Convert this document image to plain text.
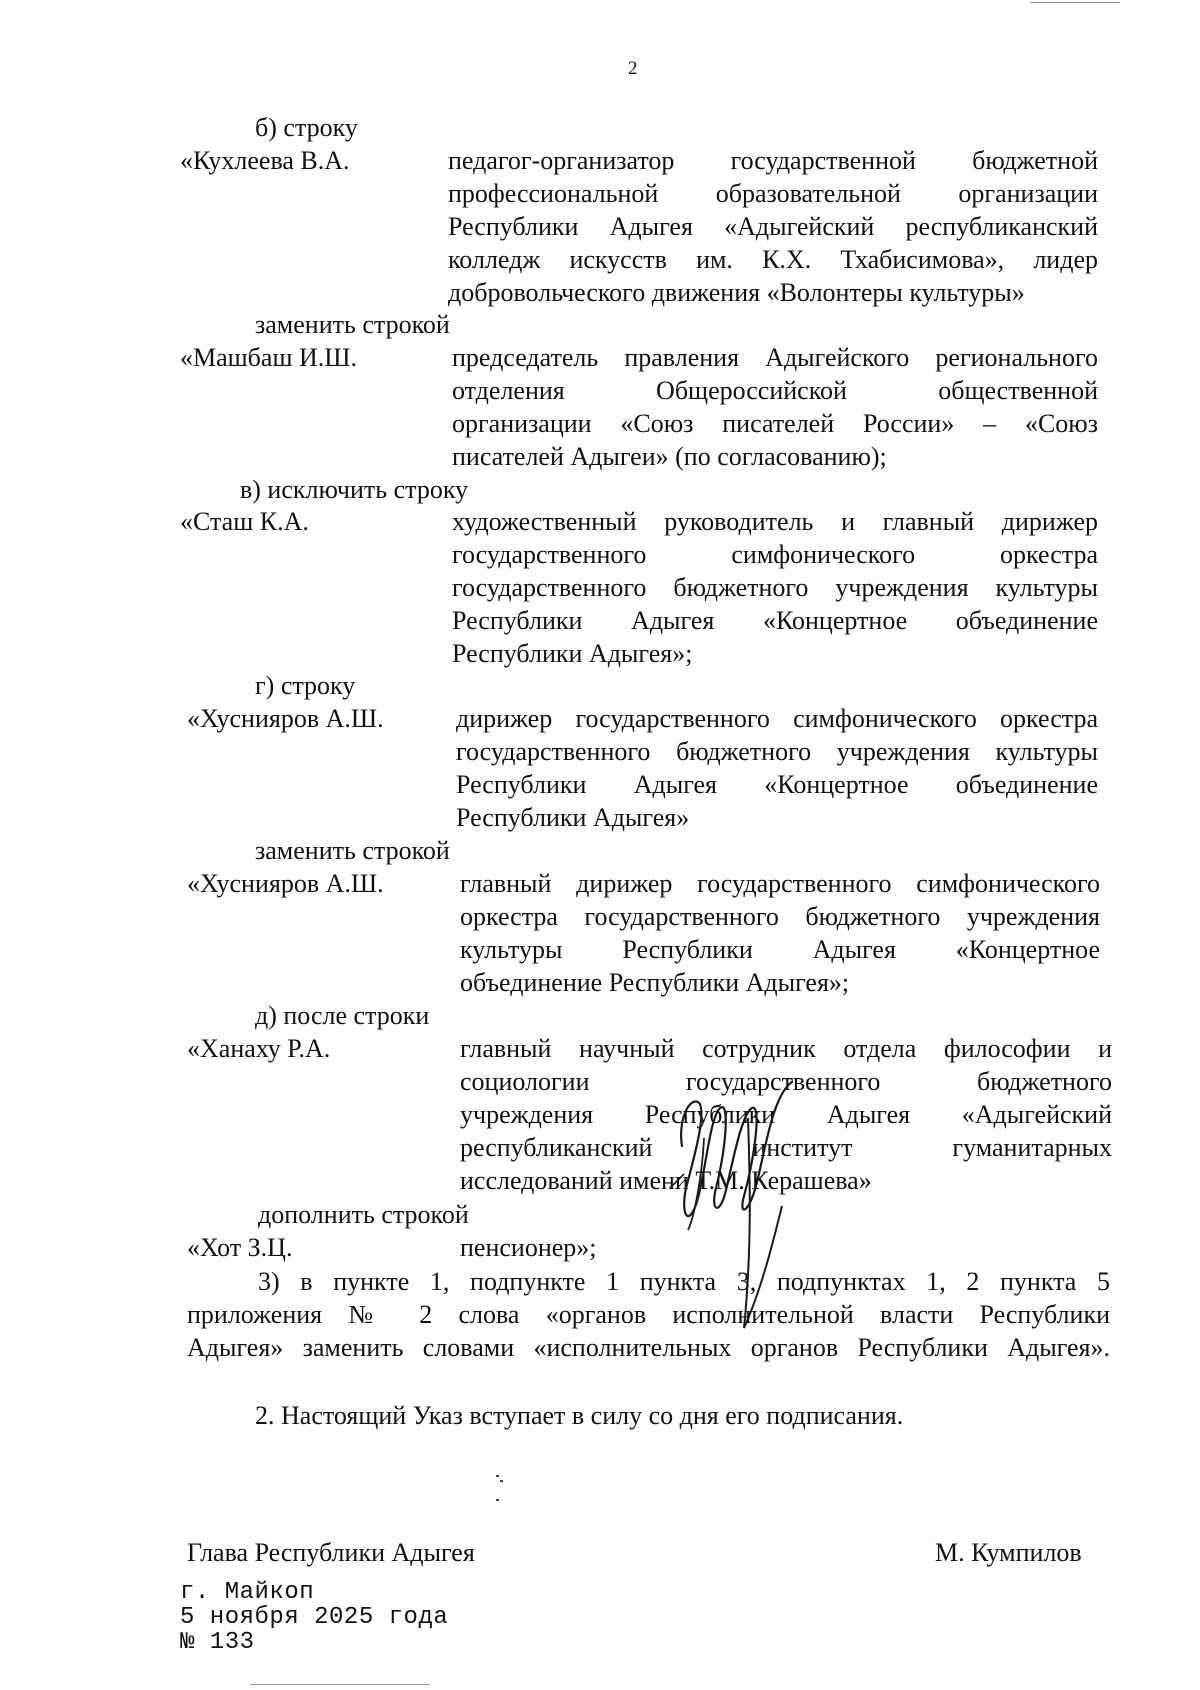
2
б) строку
«Кухлеева В.А.	педагог-организатор государственной бюджетной
профессиональной образовательной организации
Республики Адыгея «Адыгейский республиканский
колледж искусств им. К.Х. Тхабисимова», лидер
добровольческого движения «Волонтеры культуры»
заменить строкой
«Машбаш И.Ш.	председатель правления Адыгейского регионального
отделения Общероссийской общественной
организации «Союз писателей России» – «Союз
писателей Адыгеи» (по согласованию);
в) исключить строку
«Сташ К.А.	художественный руководитель и главный дирижер
государственного симфонического оркестра
государственного бюджетного учреждения культуры
Республики Адыгея «Концертное объединение
Республики Адыгея»;
г) строку
«Хуснияров А.Ш.	дирижер государственного симфонического оркестра
государственного бюджетного учреждения культуры
Республики Адыгея «Концертное объединение
Республики Адыгея»
заменить строкой
«Хуснияров А.Ш.	главный дирижер государственного симфонического
оркестра государственного бюджетного учреждения
культуры Республики Адыгея «Концертное
объединение Республики Адыгея»;
д) после строки
«Ханаху Р.А.	главный научный сотрудник отдела философии и
социологии государственного бюджетного
учреждения Республики Адыгея «Адыгейский
республиканский институт гуманитарных
исследований имени Т.М. Керашева»
дополнить строкой
«Хот З.Ц.	пенсионер»;
3) в пункте 1, подпункте 1 пункта 3, подпунктах 1, 2 пункта 5
приложения № 2 слова «органов исполнительной власти Республики
Адыгея» заменить словами «исполнительных органов Республики Адыгея».
2. Настоящий Указ вступает в силу со дня его подписания.
Глава Республики Адыгея	М. Кумпилов
г. Майкоп
5 ноября 2025 года
№ 133
